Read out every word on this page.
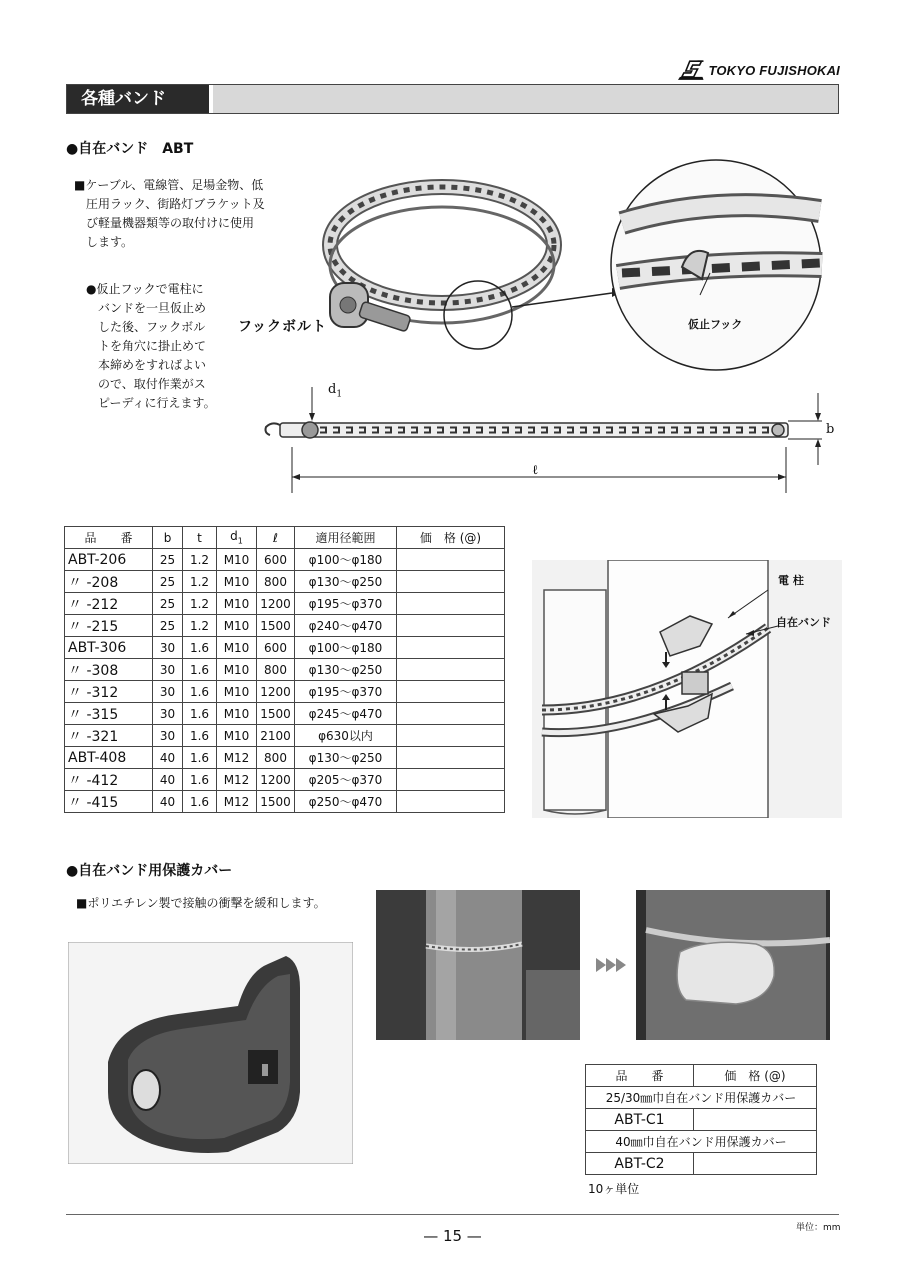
TOKYO FUJISHOKAI
各種バンド
●自在バンド　ABT
■ケーブル、電線管、足場金物、低
圧用ラック、街路灯ブラケット及
び軽量機器類等の取付けに使用
します。
●仮止フックで電柱に
バンドを一旦仮止め
した後、フックボル
トを角穴に掛止めて
本締めをすればよい
ので、取付作業がス
ピーディに行えます。
フックボルト	仮止フック
$d_1$
b
ℓ
品　　番	b	t	$d_1$	ℓ	適用径範囲	価　格 (@)
ABT-206	25	1.2	M10	600	φ100～φ180	
〃 -208	25	1.2	M10	800	φ130～φ250	
〃 -212	25	1.2	M10	1200	φ195～φ370	
〃 -215	25	1.2	M10	1500	φ240～φ470	
ABT-306	30	1.6	M10	600	φ100～φ180	
〃 -308	30	1.6	M10	800	φ130～φ250	
〃 -312	30	1.6	M10	1200	φ195～φ370	
〃 -315	30	1.6	M10	1500	φ245～φ470	
〃 -321	30	1.6	M10	2100	φ630以内	
ABT-408	40	1.6	M12	800	φ130～φ250	
〃 -412	40	1.6	M12	1200	φ205～φ370	
〃 -415	40	1.6	M12	1500	φ250～φ470	
電 柱
自在バンド
●自在バンド用保護カバー
■ポリエチレン製で接触の衝撃を緩和します。
品　　番	価　格 (@)
25/30㎜巾自在バンド用保護カバー	
ABT-C1	
40㎜巾自在バンド用保護カバー	
ABT-C2	
10ヶ単位
単位：mm
— 15 —
